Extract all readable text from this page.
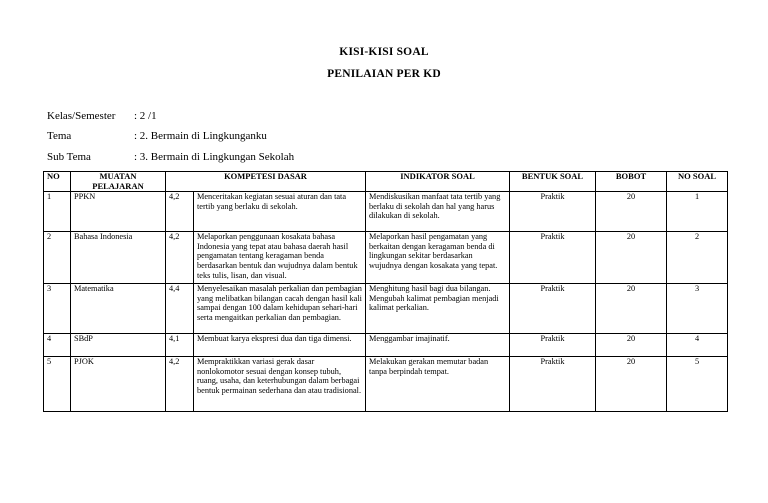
KISI-KISI SOAL
PENILAIAN PER KD
Kelas/Semester : 2 /1
Tema	: 2. Bermain di Lingkunganku
Sub Tema	: 3. Bermain di Lingkungan Sekolah
NO	MUATAN PELAJARAN	KOMPETESI DASAR		INDIKATOR SOAL	BENTUK SOAL	BOBOT	NO SOAL
1	PPKN	4,2	Menceritakan kegiatan sesuai aturan dan tata tertib yang berlaku di sekolah.	Mendiskusikan manfaat tata tertib yang berlaku di sekolah dan hal yang harus dilakukan di sekolah.	Praktik	20	1
2	Bahasa Indonesia	4,2	Melaporkan penggunaan kosakata bahasa Indonesia yang tepat atau bahasa daerah hasil pengamatan tentang keragaman benda berdasarkan bentuk dan wujudnya dalam bentuk teks tulis, lisan, dan visual.	Melaporkan hasil pengamatan yang berkaitan dengan keragaman benda di lingkungan sekitar berdasarkan wujudnya dengan kosakata yang tepat.	Praktik	20	2
3	Matematika	4,4	Menyelesaikan masalah perkalian dan pembagian yang melibatkan bilangan cacah dengan hasil kali sampai dengan 100 dalam kehidupan sehari-hari serta mengaitkan perkalian dan pembagian.	Menghitung hasil bagi dua bilangan. Mengubah kalimat pembagian menjadi kalimat perkalian.	Praktik	20	3
4	SBdP	4,1	Membuat karya ekspresi dua dan tiga dimensi.	Menggambar imajinatif.	Praktik	20	4
5	PJOK	4,2	Mempraktikkan variasi gerak dasar nonlokomotor sesuai dengan konsep tubuh, ruang, usaha, dan keterhubungan dalam berbagai bentuk permainan sederhana dan atau tradisional.	Melakukan gerakan memutar badan tanpa berpindah tempat.	Praktik	20	5
